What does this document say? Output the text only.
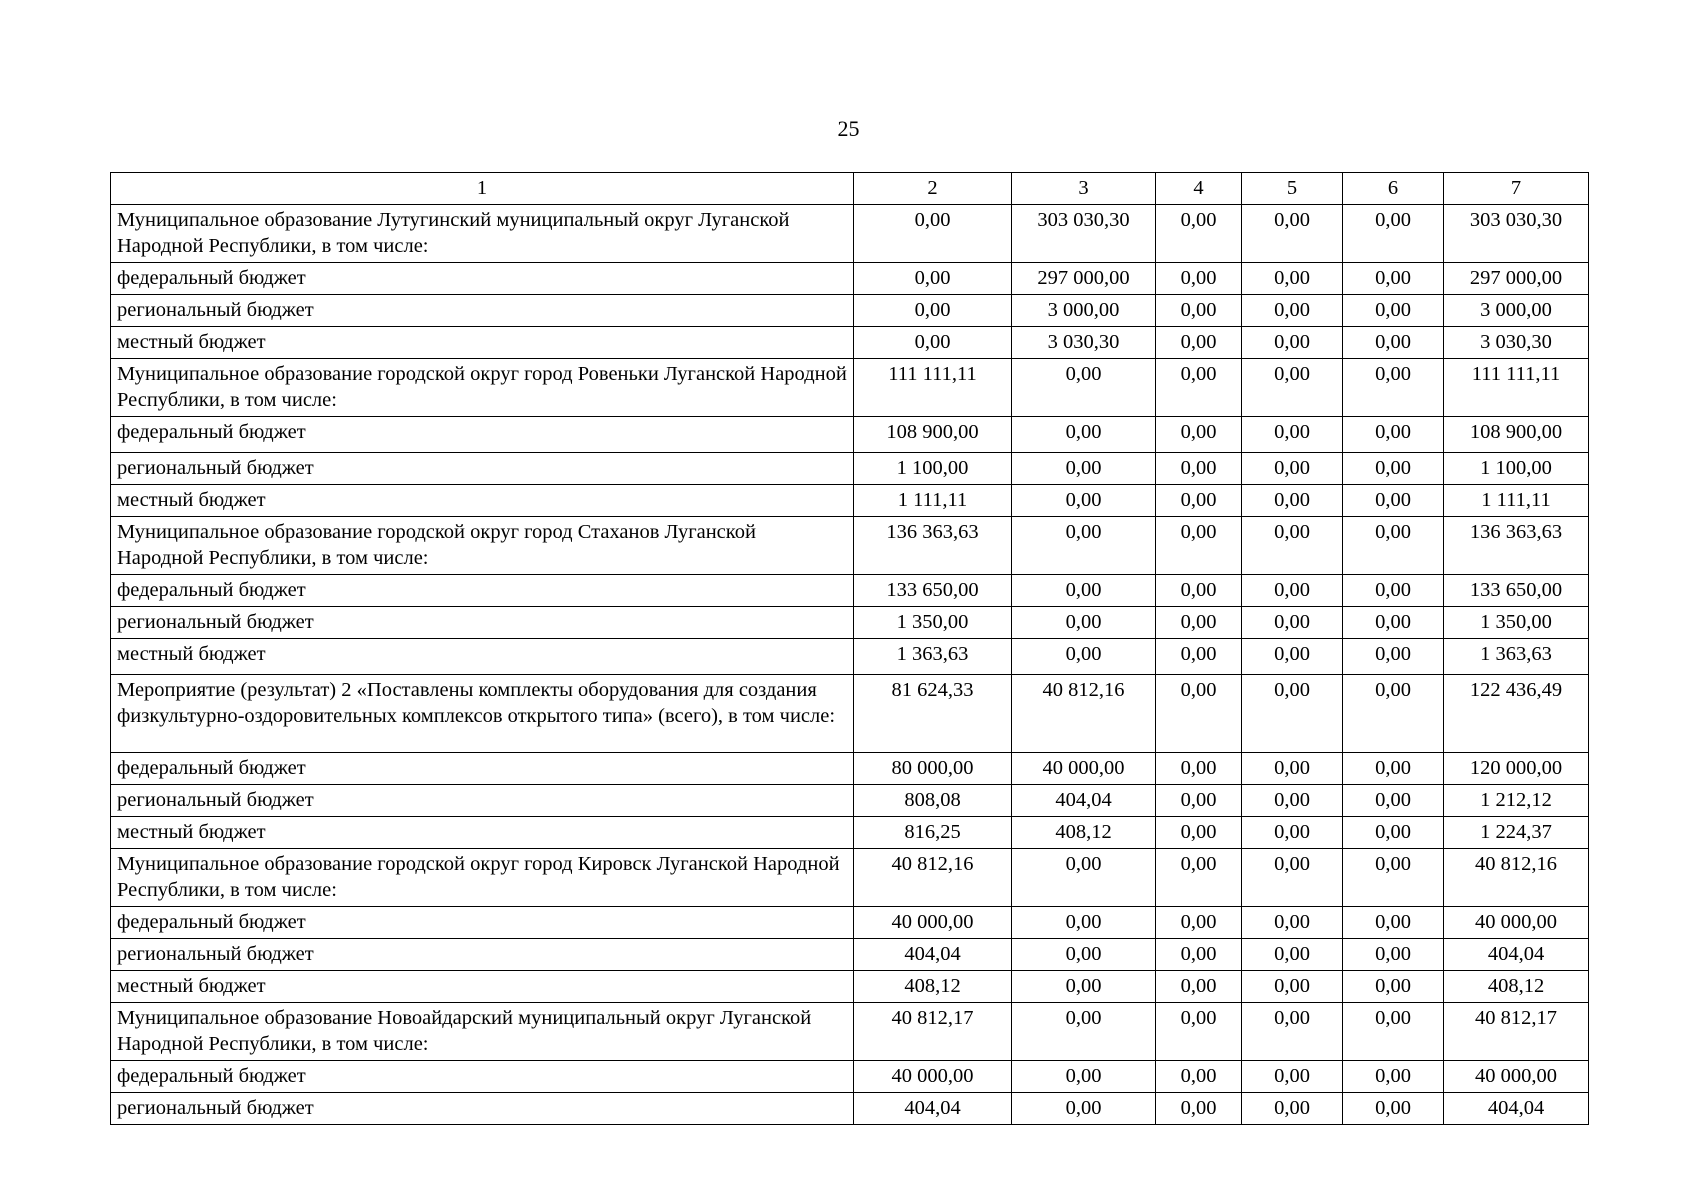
25
1	2	3	4	5	6	7
Муниципальное образование Лутугинский муниципальный округ Луганской Народной Республики, в том числе:	0,00	303 030,30	0,00	0,00	0,00	303 030,30
федеральный бюджет	0,00	297 000,00	0,00	0,00	0,00	297 000,00
региональный бюджет	0,00	3 000,00	0,00	0,00	0,00	3 000,00
местный бюджет	0,00	3 030,30	0,00	0,00	0,00	3 030,30
Муниципальное образование городской округ город Ровеньки Луганской Народной Республики, в том числе:	111 111,11	0,00	0,00	0,00	0,00	111 111,11
федеральный бюджет	108 900,00	0,00	0,00	0,00	0,00	108 900,00
региональный бюджет	1 100,00	0,00	0,00	0,00	0,00	1 100,00
местный бюджет	1 111,11	0,00	0,00	0,00	0,00	1 111,11
Муниципальное образование городской округ город Стаханов Луганской Народной Республики, в том числе:	136 363,63	0,00	0,00	0,00	0,00	136 363,63
федеральный бюджет	133 650,00	0,00	0,00	0,00	0,00	133 650,00
региональный бюджет	1 350,00	0,00	0,00	0,00	0,00	1 350,00
местный бюджет	1 363,63	0,00	0,00	0,00	0,00	1 363,63
Мероприятие (результат) 2 «Поставлены комплекты оборудования для создания физкультурно-оздоровительных комплексов открытого типа» (всего), в том числе:	81 624,33	40 812,16	0,00	0,00	0,00	122 436,49
федеральный бюджет	80 000,00	40 000,00	0,00	0,00	0,00	120 000,00
региональный бюджет	808,08	404,04	0,00	0,00	0,00	1 212,12
местный бюджет	816,25	408,12	0,00	0,00	0,00	1 224,37
Муниципальное образование городской округ город Кировск Луганской Народной Республики, в том числе:	40 812,16	0,00	0,00	0,00	0,00	40 812,16
федеральный бюджет	40 000,00	0,00	0,00	0,00	0,00	40 000,00
региональный бюджет	404,04	0,00	0,00	0,00	0,00	404,04
местный бюджет	408,12	0,00	0,00	0,00	0,00	408,12
Муниципальное образование Новоайдарский муниципальный округ Луганской Народной Республики, в том числе:	40 812,17	0,00	0,00	0,00	0,00	40 812,17
федеральный бюджет	40 000,00	0,00	0,00	0,00	0,00	40 000,00
региональный бюджет	404,04	0,00	0,00	0,00	0,00	404,04
